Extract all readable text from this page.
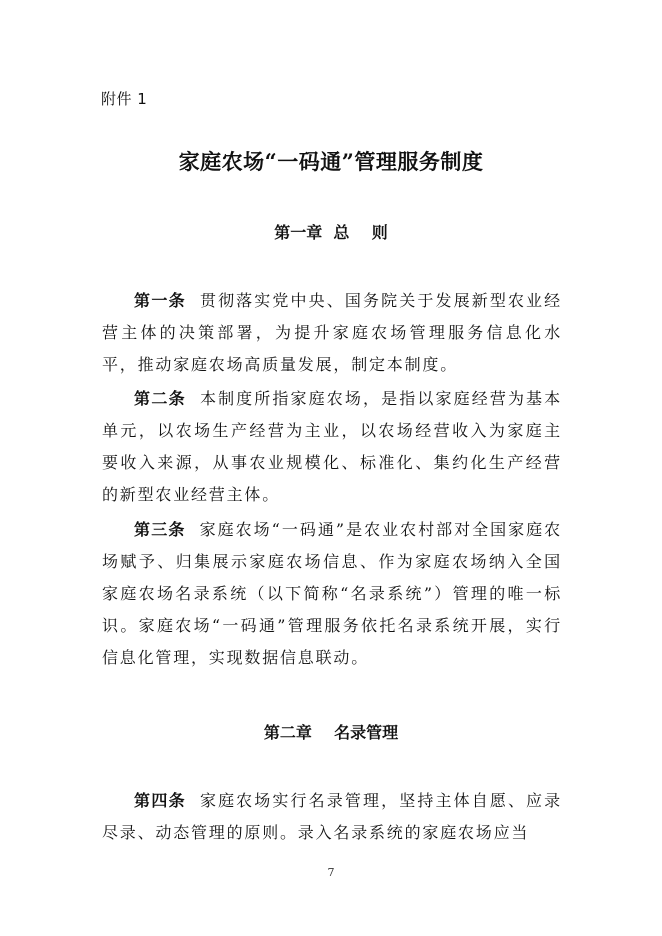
附件 1
家庭农场“一码通”管理服务制度
第一章  总    则
第一条 贯彻落实党中央、国务院关于发展新型农业经营主体的决策部署，为提升家庭农场管理服务信息化水平，推动家庭农场高质量发展，制定本制度。
第二条 本制度所指家庭农场，是指以家庭经营为基本单元，以农场生产经营为主业，以农场经营收入为家庭主要收入来源，从事农业规模化、标准化、集约化生产经营的新型农业经营主体。
第三条 家庭农场“一码通”是农业农村部对全国家庭农场赋予、归集展示家庭农场信息、作为家庭农场纳入全国家庭农场名录系统（以下简称“名录系统”）管理的唯一标识。家庭农场“一码通”管理服务依托名录系统开展，实行信息化管理，实现数据信息联动。
第二章    名录管理
第四条 家庭农场实行名录管理，坚持主体自愿、应录尽录、动态管理的原则。录入名录系统的家庭农场应当
7
